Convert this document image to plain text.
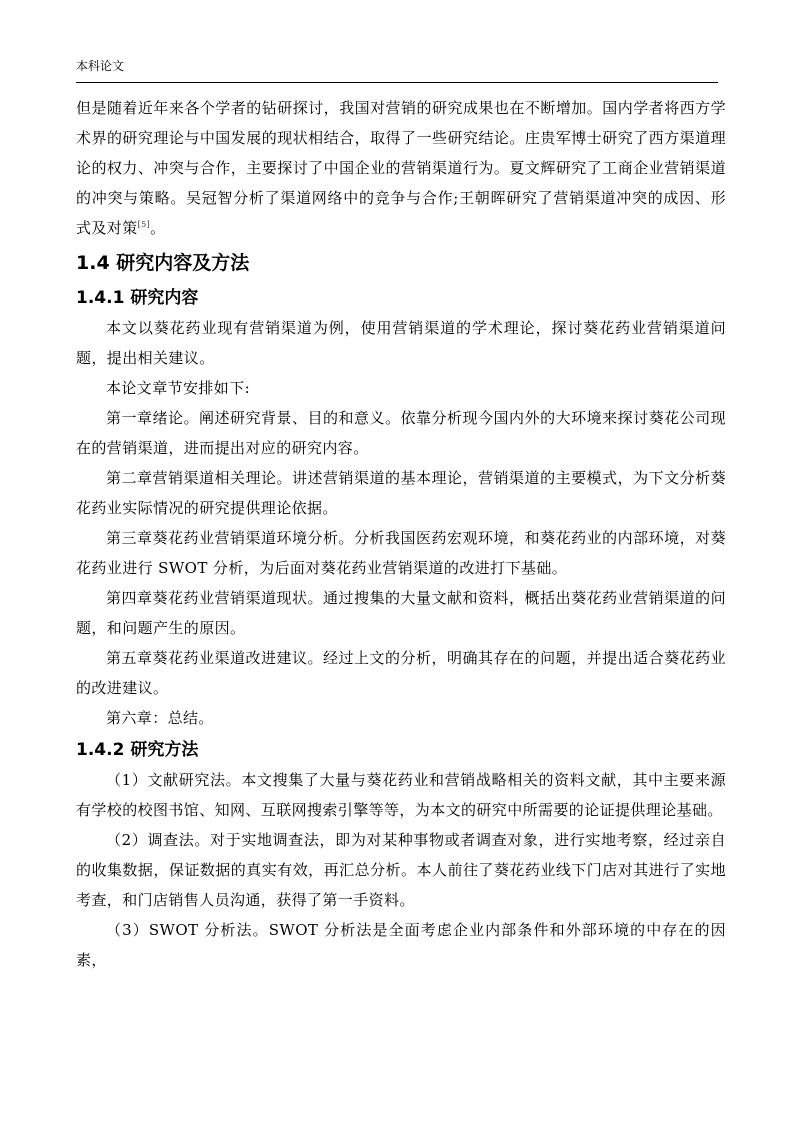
本科论文

但是随着近年来各个学者的钻研探讨，我国对营销的研究成果也在不断增加。国内学者将西方学术界的研究理论与中国发展的现状相结合，取得了一些研究结论。庄贵军博士研究了西方渠道理论的权力、冲突与合作，主要探讨了中国企业的营销渠道行为。夏文辉研究了工商企业营销渠道的冲突与策略。吴冠智分析了渠道网络中的竞争与合作;王朝晖研究了营销渠道冲突的成因、形式及对策[5]。

1.4 研究内容及方法
1.4.1 研究内容

本文以葵花药业现有营销渠道为例，使用营销渠道的学术理论，探讨葵花药业营销渠道问题，提出相关建议。

本论文章节安排如下:

第一章绪论。阐述研究背景、目的和意义。依靠分析现今国内外的大环境来探讨葵花公司现在的营销渠道，进而提出对应的研究内容。

第二章营销渠道相关理论。讲述营销渠道的基本理论，营销渠道的主要模式，为下文分析葵花药业实际情况的研究提供理论依据。

第三章葵花药业营销渠道环境分析。分析我国医药宏观环境，和葵花药业的内部环境，对葵花药业进行 SWOT 分析，为后面对葵花药业营销渠道的改进打下基础。

第四章葵花药业营销渠道现状。通过搜集的大量文献和资料，概括出葵花药业营销渠道的问题，和问题产生的原因。

第五章葵花药业渠道改进建议。经过上文的分析，明确其存在的问题，并提出适合葵花药业的改进建议。

第六章：总结。

1.4.2 研究方法

（1）文献研究法。本文搜集了大量与葵花药业和营销战略相关的资料文献，其中主要来源有学校的校图书馆、知网、互联网搜索引擎等等，为本文的研究中所需要的论证提供理论基础。

（2）调查法。对于实地调查法，即为对某种事物或者调查对象，进行实地考察，经过亲自的收集数据，保证数据的真实有效，再汇总分析。本人前往了葵花药业线下门店对其进行了实地考查，和门店销售人员沟通，获得了第一手资料。

（3）SWOT 分析法。SWOT 分析法是全面考虑企业内部条件和外部环境的中存在的因素，
